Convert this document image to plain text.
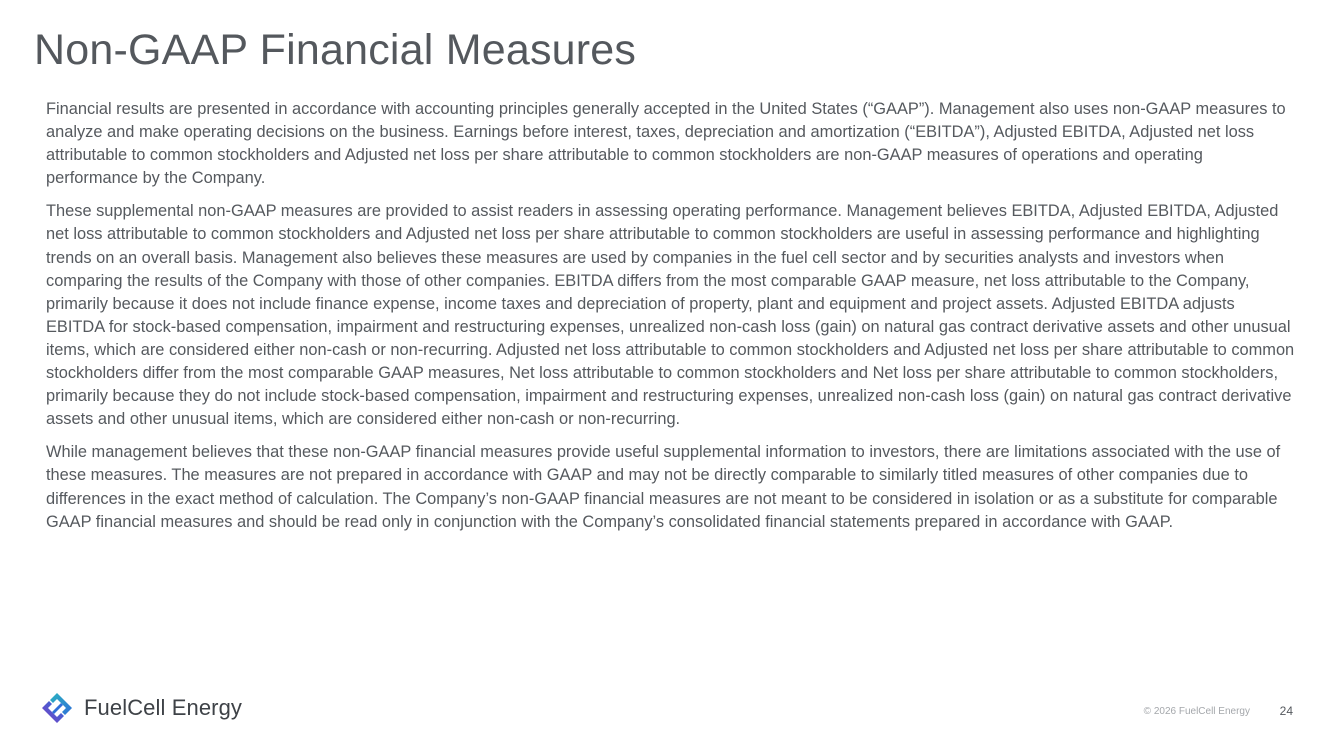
Non-GAAP Financial Measures

Financial results are presented in accordance with accounting principles generally accepted in the United States (“GAAP”). Management also uses non-GAAP measures to analyze and make operating decisions on the business. Earnings before interest, taxes, depreciation and amortization (“EBITDA”), Adjusted EBITDA, Adjusted net loss attributable to common stockholders and Adjusted net loss per share attributable to common stockholders are non-GAAP measures of operations and operating performance by the Company.

These supplemental non-GAAP measures are provided to assist readers in assessing operating performance. Management believes EBITDA, Adjusted EBITDA, Adjusted net loss attributable to common stockholders and Adjusted net loss per share attributable to common stockholders are useful in assessing performance and highlighting trends on an overall basis. Management also believes these measures are used by companies in the fuel cell sector and by securities analysts and investors when comparing the results of the Company with those of other companies. EBITDA differs from the most comparable GAAP measure, net loss attributable to the Company, primarily because it does not include finance expense, income taxes and depreciation of property, plant and equipment and project assets. Adjusted EBITDA adjusts EBITDA for stock-based compensation, impairment and restructuring expenses, unrealized non-cash loss (gain) on natural gas contract derivative assets and other unusual items, which are considered either non-cash or non-recurring. Adjusted net loss attributable to common stockholders and Adjusted net loss per share attributable to common stockholders differ from the most comparable GAAP measures, Net loss attributable to common stockholders and Net loss per share attributable to common stockholders, primarily because they do not include stock-based compensation, impairment and restructuring expenses, unrealized non-cash loss (gain) on natural gas contract derivative assets and other unusual items, which are considered either non-cash or non-recurring.

While management believes that these non-GAAP financial measures provide useful supplemental information to investors, there are limitations associated with the use of these measures. The measures are not prepared in accordance with GAAP and may not be directly comparable to similarly titled measures of other companies due to differences in the exact method of calculation. The Company’s non-GAAP financial measures are not meant to be considered in isolation or as a substitute for comparable GAAP financial measures and should be read only in conjunction with the Company’s consolidated financial statements prepared in accordance with GAAP.

FuelCell Energy	© 2026 FuelCell Energy 24
